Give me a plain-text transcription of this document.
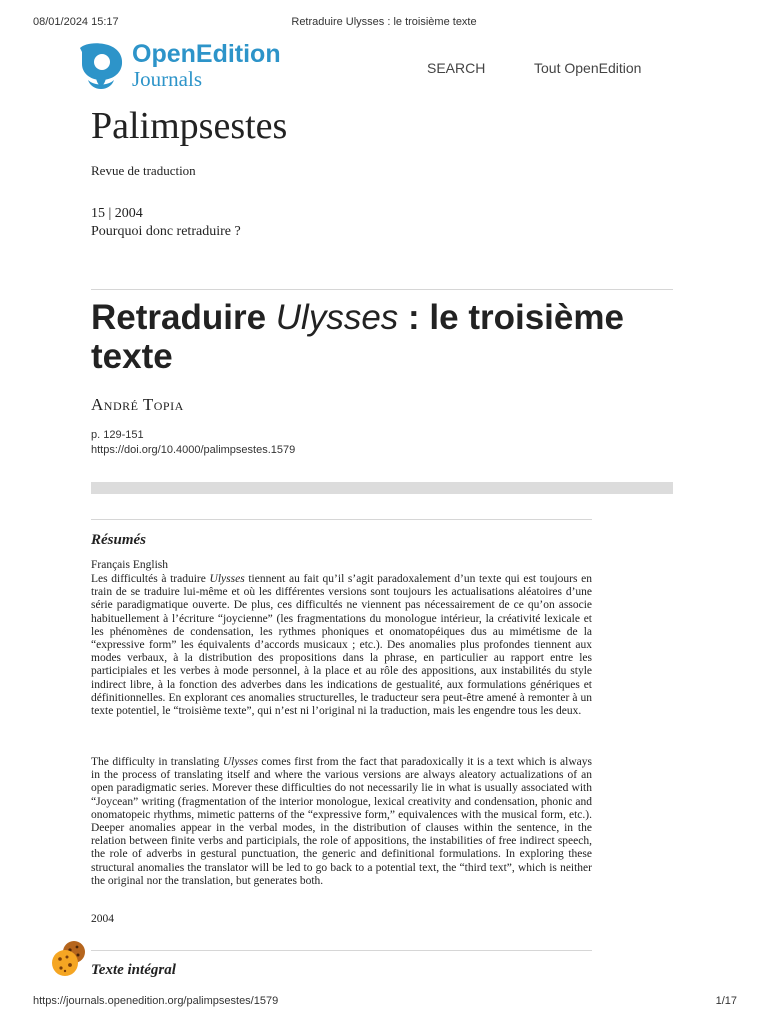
08/01/2024 15:17	Retraduire Ulysses : le troisième texte
OpenEdition
Journals	SEARCH	Tout OpenEdition
Palimpsestes
Revue de traduction
15 | 2004
Pourquoi donc retraduire ?
Retraduire Ulysses : le troisième texte
André Topia
p. 129-151
https://doi.org/10.4000/palimpsestes.1579
Résumés
Français English

Les difficultés à traduire Ulysses tiennent au fait qu’il s’agit paradoxalement d’un texte qui est toujours en train de se traduire lui-même et où les différentes versions sont toujours les actualisations aléatoires d’une série paradigmatique ouverte. De plus, ces difficultés ne viennent pas nécessairement de ce qu’on associe habituellement à l’écriture “joycienne” (les fragmentations du monologue intérieur, la créativité lexicale et les phénomènes de condensation, les rythmes phoniques et onomatopéiques dus au mimétisme de la “expressive form” les équivalents d’accords musicaux ; etc.). Des anomalies plus profondes tiennent aux modes verbaux, à la distribution des propositions dans la phrase, en particulier au rapport entre les participiales et les verbes à mode personnel, à la place et au rôle des appositions, aux instabilités du style indirect libre, à la fonction des adverbes dans les indications de gestualité, aux formulations génériques et définitionnelles. En explorant ces anomalies structurelles, le traducteur sera peut-être amené à remonter à un texte potentiel, le “troisième texte”, qui n’est ni l’original ni la traduction, mais les engendre tous les deux.

The difficulty in translating Ulysses comes first from the fact that paradoxically it is a text which is always in the process of translating itself and where the various versions are always aleatory actualizations of an open paradigmatic series. Morever these difficulties do not necessarily lie in what is usually associated with “Joycean” writing (fragmentation of the interior monologue, lexical creativity and condensation, phonic and onomatopeic rhythms, mimetic patterns of the “expressive form,” equivalences with the musical form, etc.). Deeper anomalies appear in the verbal modes, in the distribution of clauses within the sentence, in the relation between finite verbs and participials, the role of appositions, the instabilities of free indirect speech, the role of adverbs in gestural punctuation, the generic and definitional formulations. In exploring these structural anomalies the translator will be led to go back to a potential text, the “third text”, which is neither the original nor the translation, but generates both.

2004
Texte intégral
https://journals.openedition.org/palimpsestes/1579	1/17
